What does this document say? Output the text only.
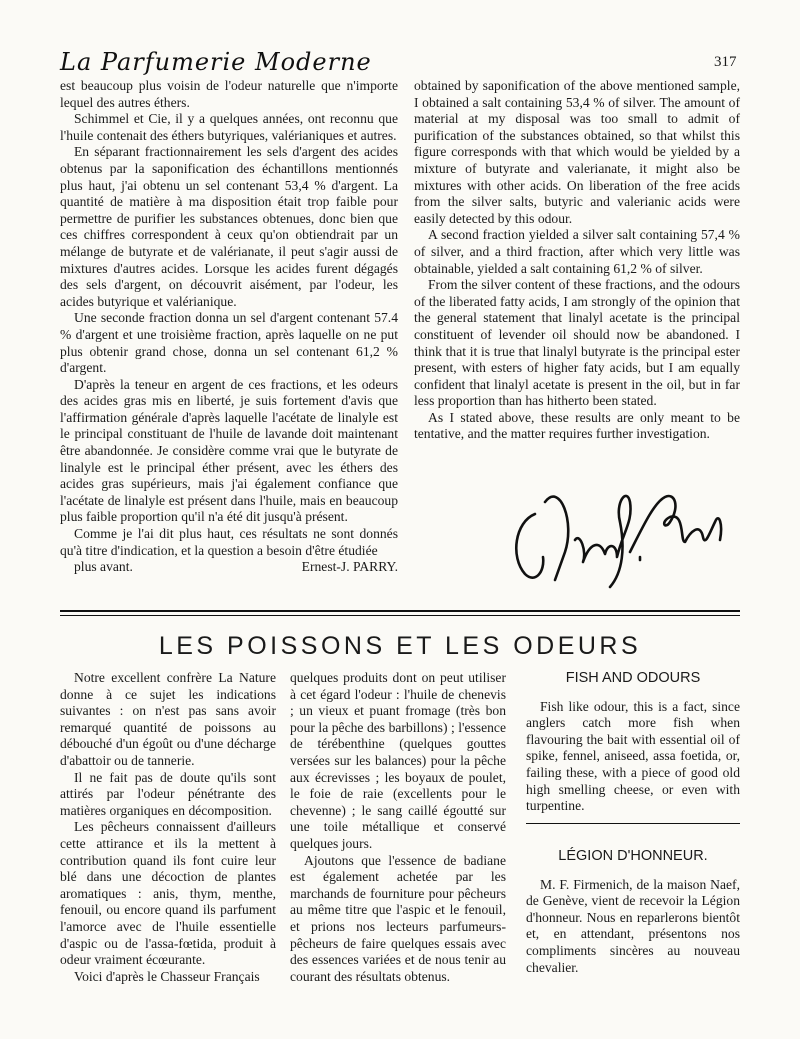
La Parfumerie Moderne	317

est beaucoup plus voisin de l'odeur naturelle que n'importe lequel des autres éthers.

Schimmel et Cie, il y a quelques années, ont reconnu que l'huile contenait des éthers butyriques, valérianiques et autres.

En séparant fractionnairement les sels d'argent des acides obtenus par la saponification des échantillons mentionnés plus haut, j'ai obtenu un sel contenant 53,4 % d'argent. La quantité de matière à ma disposition était trop faible pour permettre de purifier les substances obtenues, donc bien que ces chiffres correspondent à ceux qu'on obtiendrait par un mélange de butyrate et de valérianate, il peut s'agir aussi de mixtures d'autres acides. Lorsque les acides furent dégagés des sels d'argent, on découvrit aisément, par l'odeur, les acides butyrique et valérianique.

Une seconde fraction donna un sel d'argent contenant 57.4 % d'argent et une troisième fraction, après laquelle on ne put plus obtenir grand chose, donna un sel contenant 61,2 % d'argent.

D'après la teneur en argent de ces fractions, et les odeurs des acides gras mis en liberté, je suis fortement d'avis que l'affirmation générale d'après laquelle l'acétate de linalyle est le principal constituant de l'huile de lavande doit maintenant être abandonnée. Je considère comme vrai que le butyrate de linalyle est le principal éther présent, avec les éthers des acides gras supérieurs, mais j'ai également confiance que l'acétate de linalyle est présent dans l'huile, mais en beaucoup plus faible proportion qu'il n'a été dit jusqu'à présent.

Comme je l'ai dit plus haut, ces résultats ne sont donnés qu'à titre d'indication, et la question a besoin d'être étudiée

plus avant.	Ernest-J. PARRY.

obtained by saponification of the above mentioned sample, I obtained a salt containing 53,4 % of silver. The amount of material at my disposal was too small to admit of purification of the substances obtained, so that whilst this figure corresponds with that which would be yielded by a mixture of butyrate and valerianate, it might also be mixtures with other acids. On liberation of the free acids from the silver salts, butyric and valerianic acids were easily detected by this odour.

A second fraction yielded a silver salt containing 57,4 % of silver, and a third fraction, after which very little was obtainable, yielded a salt containing 61,2 % of silver.

From the silver content of these fractions, and the odours of the liberated fatty acids, I am strongly of the opinion that the general statement that linalyl acetate is the principal constituent of levender oil should now be abandoned. I think that it is true that linalyl butyrate is the principal ester present, with esters of higher faty acids, but I am equally confident that linalyl acetate is present in the oil, but in far less proportion than has hitherto been stated.

As I stated above, these results are only meant to be tentative, and the matter requires further investigation.

LES POISSONS ET LES ODEURS

Notre excellent confrère La Nature donne à ce sujet les indications suivantes : on n'est pas sans avoir remarqué quantité de poissons au débouché d'un égoût ou d'une décharge d'abattoir ou de tannerie.

Il ne fait pas de doute qu'ils sont attirés par l'odeur pénétrante des matières organiques en décomposition.

Les pêcheurs connaissent d'ailleurs cette attirance et ils la mettent à contribution quand ils font cuire leur blé dans une décoction de plantes aromatiques : anis, thym, menthe, fenouil, ou encore quand ils parfument l'amorce avec de l'huile essentielle d'aspic ou de l'assa-fœtida, produit à odeur vraiment écœurante.

Voici d'après le Chasseur Français

quelques produits dont on peut utiliser à cet égard l'odeur : l'huile de chenevis ; un vieux et puant fromage (très bon pour la pêche des barbillons) ; l'essence de térébenthine (quelques gouttes versées sur les balances) pour la pêche aux écrevisses ; les boyaux de poulet, le foie de raie (excellents pour le chevenne) ; le sang caillé égoutté sur une toile métallique et conservé quelques jours.

Ajoutons que l'essence de badiane est également achetée par les marchands de fourniture pour pêcheurs au même titre que l'aspic et le fenouil, et prions nos lecteurs parfumeurs-pêcheurs de faire quelques essais avec des essences variées et de nous tenir au courant des résultats obtenus.

FISH AND ODOURS

Fish like odour, this is a fact, since anglers catch more fish when flavouring the bait with essential oil of spike, fennel, aniseed, assa foetida, or, failing these, with a piece of good old high smelling cheese, or even with turpentine.

LÉGION D'HONNEUR.

M. F. Firmenich, de la maison Naef, de Genève, vient de recevoir la Légion d'honneur. Nous en reparlerons bientôt et, en attendant, présentons nos compliments sincères au nouveau chevalier.
